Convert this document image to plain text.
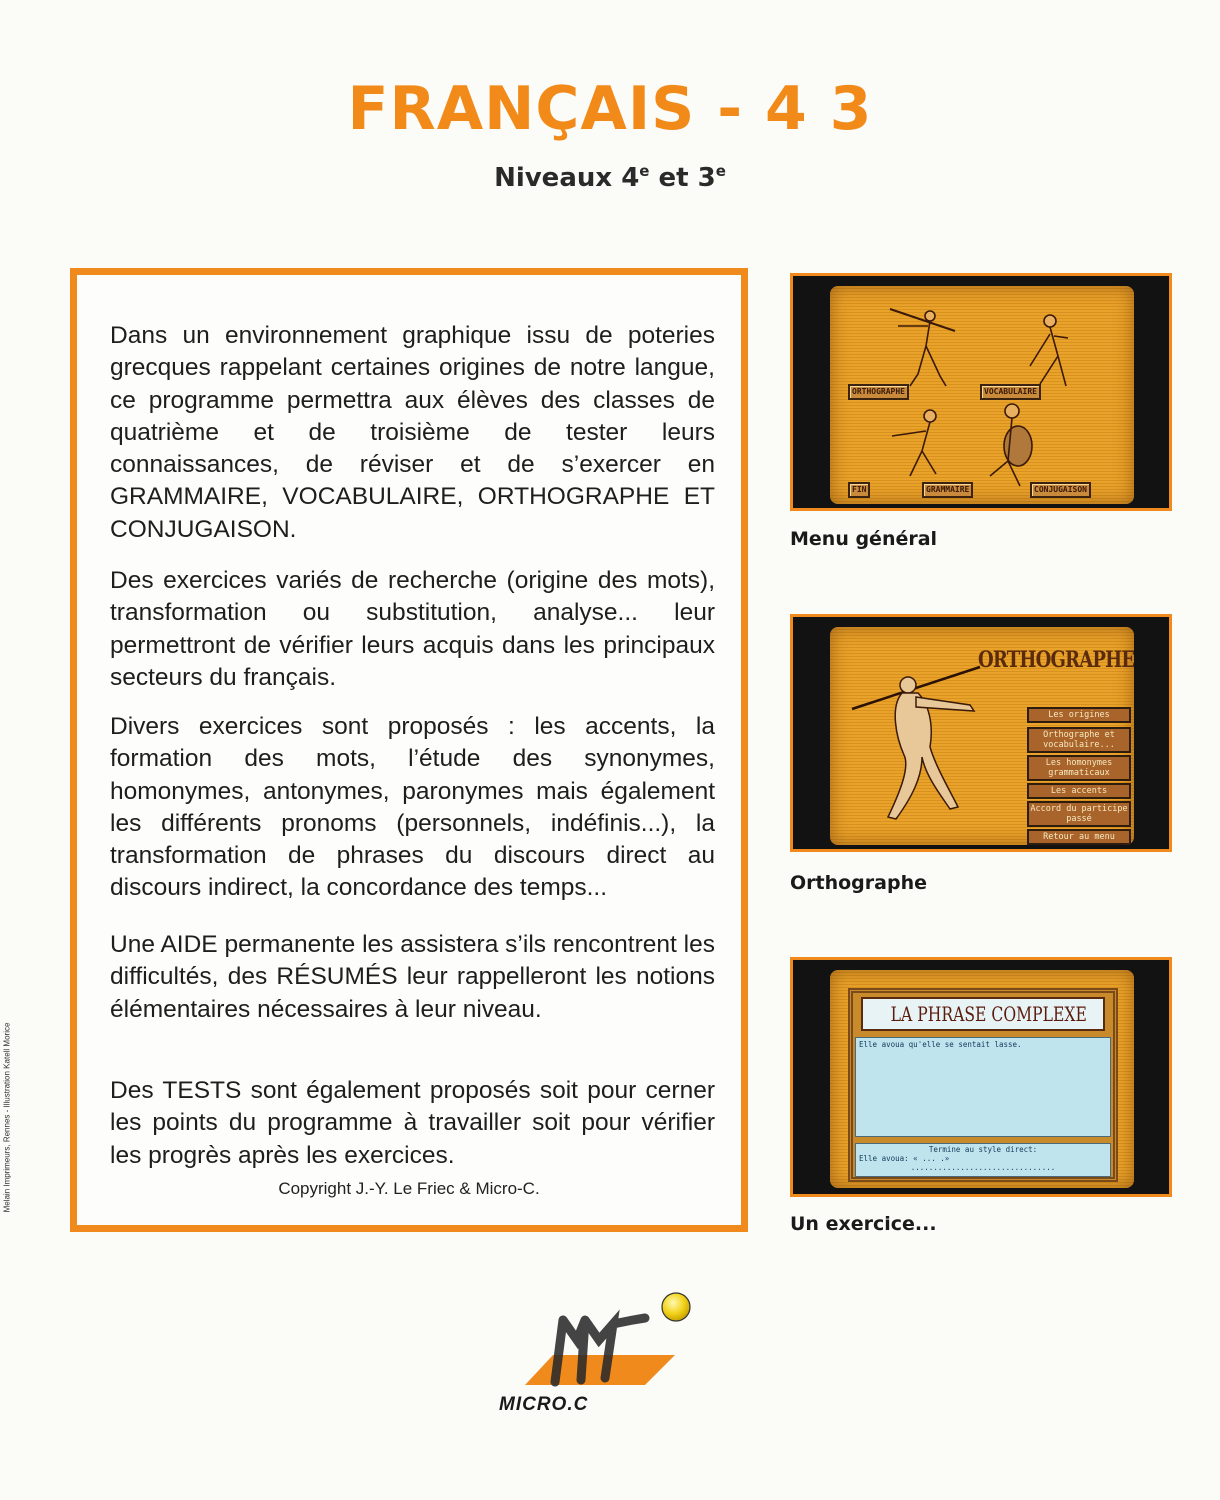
FRANÇAIS - 4 3
Niveaux 4e et 3e

Dans un environnement graphique issu de poteries grecques rappelant certaines origines de notre langue, ce programme permettra aux élèves des classes de quatrième et de troisième de tester leurs connaissances, de réviser et de s’exercer en GRAMMAIRE, VOCABULAIRE, ORTHOGRAPHE ET CONJUGAISON.

Des exercices variés de recherche (origine des mots), transformation ou substitution, analyse... leur permettront de vérifier leurs acquis dans les principaux secteurs du français.

Divers exercices sont proposés : les accents, la formation des mots, l’étude des synonymes, homonymes, antonymes, paronymes mais également les différents pronoms (personnels, indéfinis...), la transformation de phrases du discours direct au discours indirect, la concordance des temps...

Une AIDE permanente les assistera s’ils rencontrent les difficultés, des RÉSUMÉS leur rappelleront les notions élémentaires nécessaires à leur niveau.

Des TESTS sont également proposés soit pour cerner les points du programme à travailler soit pour vérifier les progrès après les exercices.

Copyright J.-Y. Le Friec & Micro-C.
ORTHOGRAPHE	VOCABULAIRE
FIN	GRAMMAIRE	CONJUGAISON
Menu général
ORTHOGRAPHE
Les origines
Orthographe et vocabulaire...
Les homonymes grammaticaux
Les accents
Accord du participe passé
Retour au menu
Orthographe
LA PHRASE COMPLEXE
Elle avoua qu'elle se sentait lasse.
Termine au style direct:
Elle avoua: « ... .»
................................
Un exercice...
Melain Imprimeurs, Rennes - Illustration Katell Morice
MICRO.C
